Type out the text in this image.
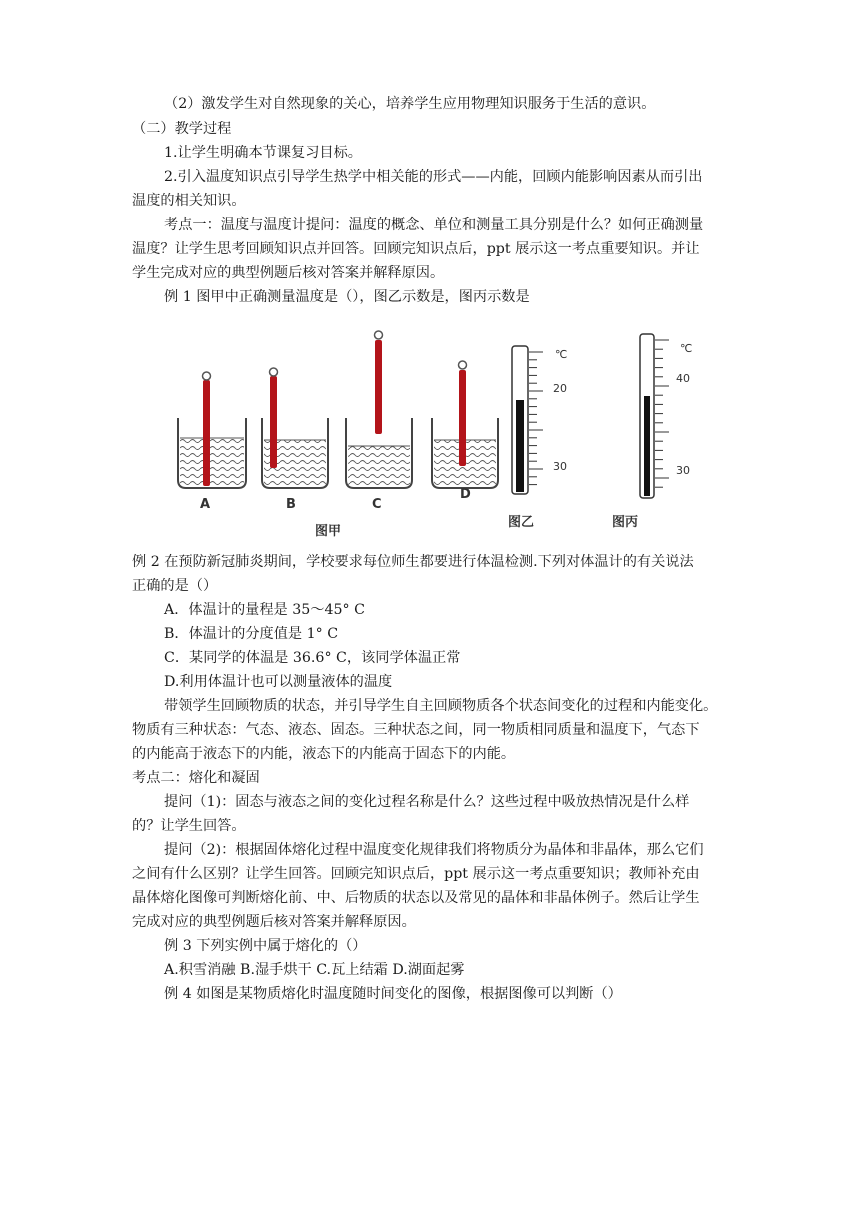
（2）激发学生对自然现象的关心，培养学生应用物理知识服务于生活的意识。
（二）教学过程
1.让学生明确本节课复习目标。
2.引入温度知识点引导学生热学中相关能的形式——内能，回顾内能影响因素从而引出
温度的相关知识。
考点一：温度与温度计提问：温度的概念、单位和测量工具分别是什么？如何正确测量
温度？让学生思考回顾知识点并回答。回顾完知识点后，ppt 展示这一考点重要知识。并让
学生完成对应的典型例题后核对答案并解释原因。
例 1 图甲中正确测量温度是（），图乙示数是，图丙示数是
例 2 在预防新冠肺炎期间，学校要求每位师生都要进行体温检测.下列对体温计的有关说法
正确的是（）
A．体温计的量程是 35～45° C
B．体温计的分度值是 1° C
C．某同学的体温是 36.6° C，该同学体温正常
D.利用体温计也可以测量液体的温度
带领学生回顾物质的状态，并引导学生自主回顾物质各个状态间变化的过程和内能变化。
物质有三种状态：气态、液态、固态。三种状态之间，同一物质相同质量和温度下，气态下
的内能高于液态下的内能，液态下的内能高于固态下的内能。
考点二：熔化和凝固
提问（1)：固态与液态之间的变化过程名称是什么？这些过程中吸放热情况是什么样
的？让学生回答。
提问（2)：根据固体熔化过程中温度变化规律我们将物质分为晶体和非晶体，那么它们
之间有什么区别？让学生回答。回顾完知识点后，ppt 展示这一考点重要知识；教师补充由
晶体熔化图像可判断熔化前、中、后物质的状态以及常见的晶体和非晶体例子。然后让学生
完成对应的典型例题后核对答案并解释原因。
例 3 下列实例中属于熔化的（）
A.积雪消融 B.湿手烘干 C.瓦上结霜 D.湖面起雾
例 4 如图是某物质熔化时温度随时间变化的图像，根据图像可以判断（）
A	B	C
D
图甲
℃
20
30
图乙
℃
40
30
图丙
